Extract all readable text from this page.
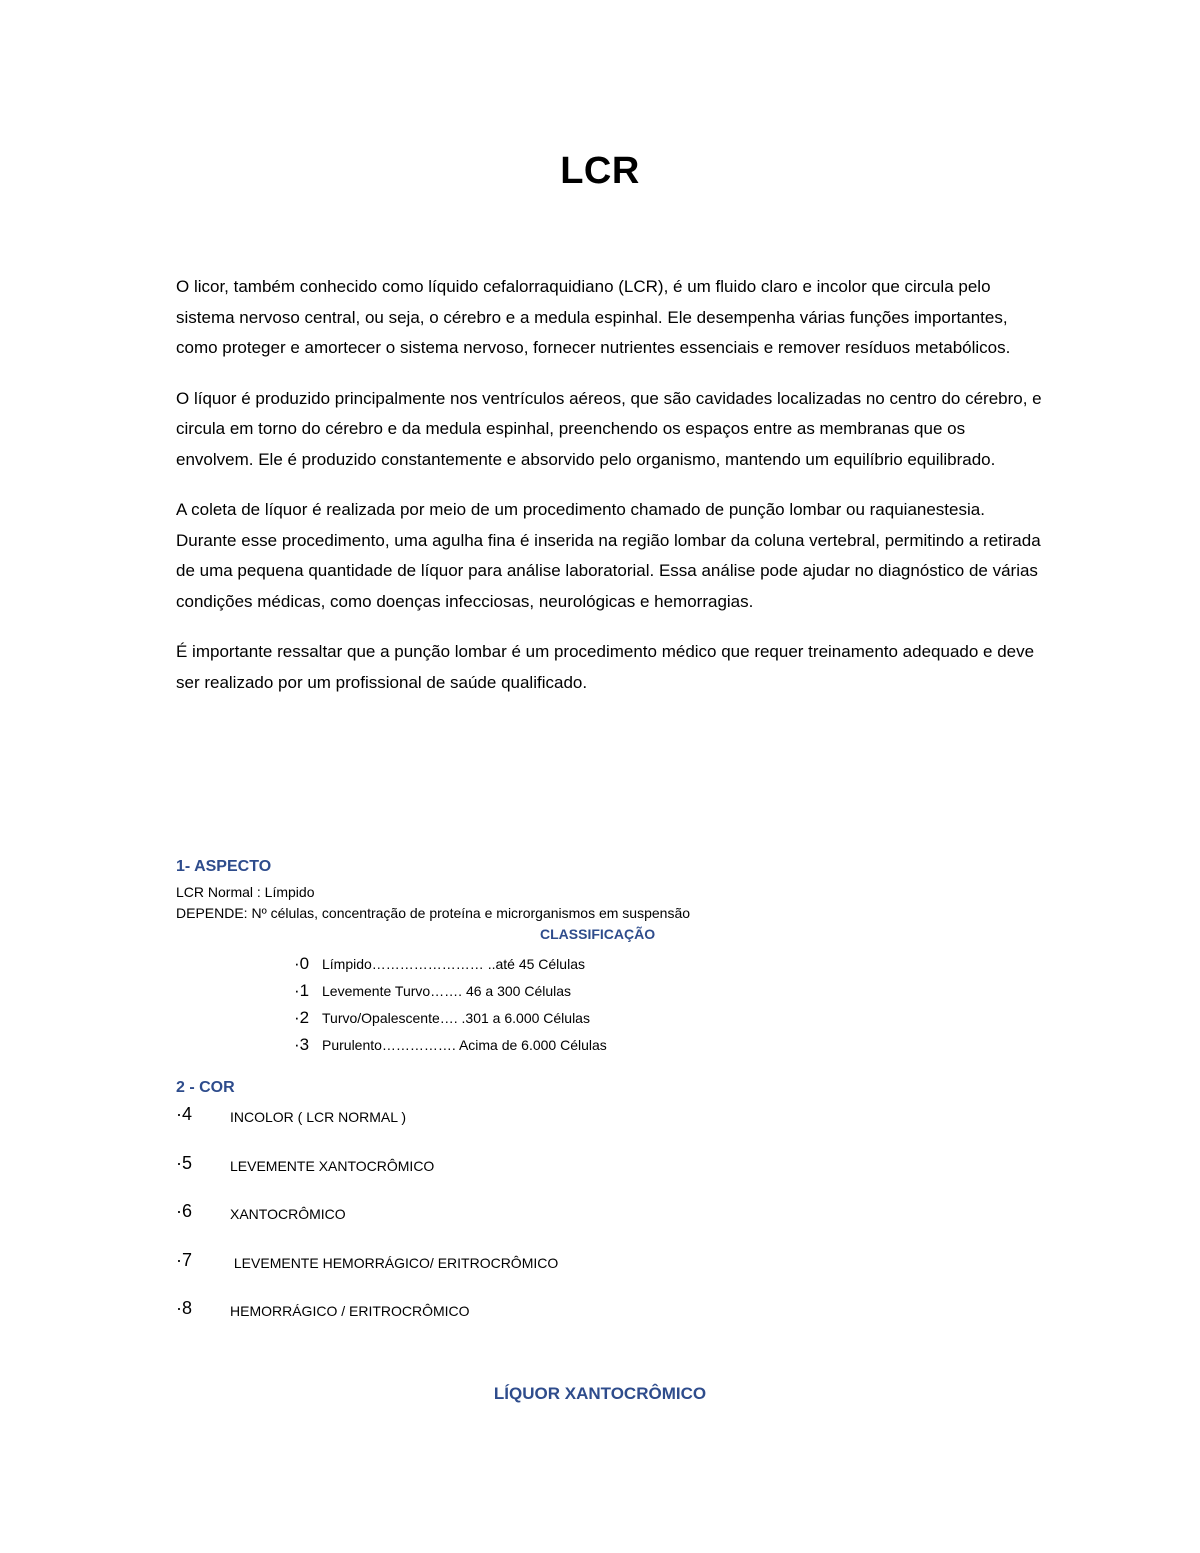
LCR

O licor, também conhecido como líquido cefalorraquidiano (LCR), é um fluido claro e incolor que circula pelo sistema nervoso central, ou seja, o cérebro e a medula espinhal. Ele desempenha várias funções importantes, como proteger e amortecer o sistema nervoso, fornecer nutrientes essenciais e remover resíduos metabólicos.

O líquor é produzido principalmente nos ventrículos aéreos, que são cavidades localizadas no centro do cérebro, e circula em torno do cérebro e da medula espinhal, preenchendo os espaços entre as membranas que os envolvem. Ele é produzido constantemente e absorvido pelo organismo, mantendo um equilíbrio equilibrado.

A coleta de líquor é realizada por meio de um procedimento chamado de punção lombar ou raquianestesia. Durante esse procedimento, uma agulha fina é inserida na região lombar da coluna vertebral, permitindo a retirada de uma pequena quantidade de líquor para análise laboratorial. Essa análise pode ajudar no diagnóstico de várias condições médicas, como doenças infecciosas, neurológicas e hemorragias.

É importante ressaltar que a punção lombar é um procedimento médico que requer treinamento adequado e deve ser realizado por um profissional de saúde qualificado.

1- ASPECTO
LCR Normal : Límpido
DEPENDE: Nº células, concentração de proteína e microrganismos em suspensão
CLASSIFICAÇÃO
·0 Límpido…………………… ..até 45 Células
·1 Levemente Turvo……. 46 a 300 Células
·2 Turvo/Opalescente…. .301 a 6.000 Células
·3 Purulento……………. Acima de 6.000 Células
2 - COR
·4	INCOLOR ( LCR NORMAL )
·5	LEVEMENTE XANTOCRÔMICO
·6	XANTOCRÔMICO
·7	LEVEMENTE HEMORRÁGICO/ ERITROCRÔMICO
·8	HEMORRÁGICO / ERITROCRÔMICO
LÍQUOR XANTOCRÔMICO
